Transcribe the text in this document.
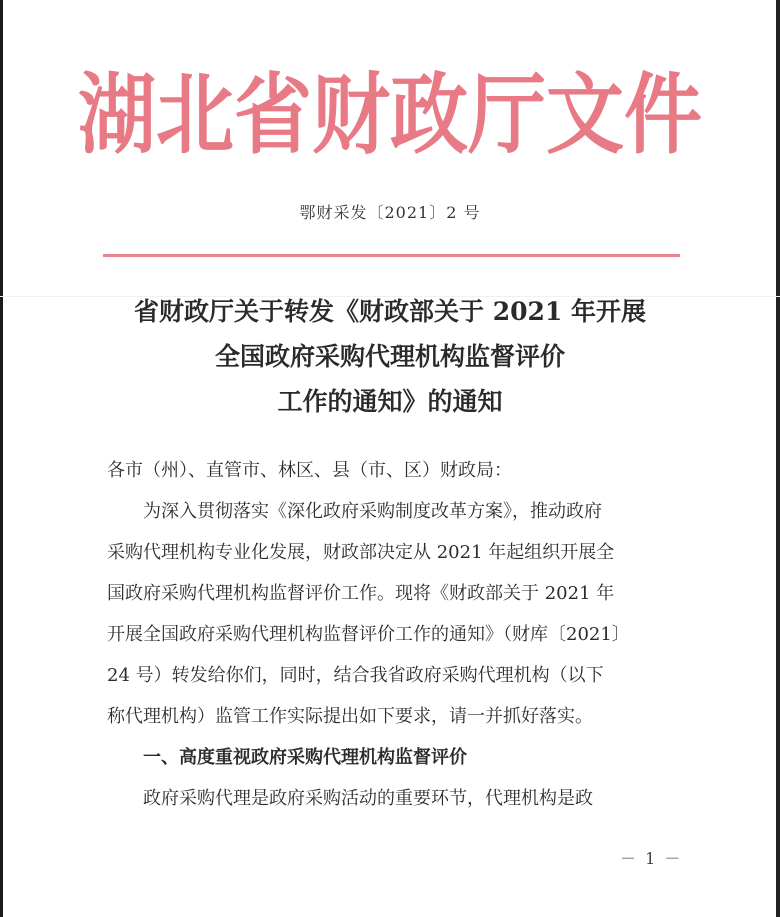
湖北省财政厅文件
鄂财采发〔2021〕2 号
省财政厅关于转发《财政部关于 2021 年开展
全国政府采购代理机构监督评价
工作的通知》的通知
各市（州）、直管市、林区、县（市、区）财政局：
为深入贯彻落实《深化政府采购制度改革方案》，推动政府
采购代理机构专业化发展，财政部决定从 2021 年起组织开展全
国政府采购代理机构监督评价工作。现将《财政部关于 2021 年
开展全国政府采购代理机构监督评价工作的通知》（财库〔2021〕
24 号）转发给你们，同时，结合我省政府采购代理机构（以下
称代理机构）监管工作实际提出如下要求，请一并抓好落实。
一、高度重视政府采购代理机构监督评价
政府采购代理是政府采购活动的重要环节，代理机构是政
－ 1 －
